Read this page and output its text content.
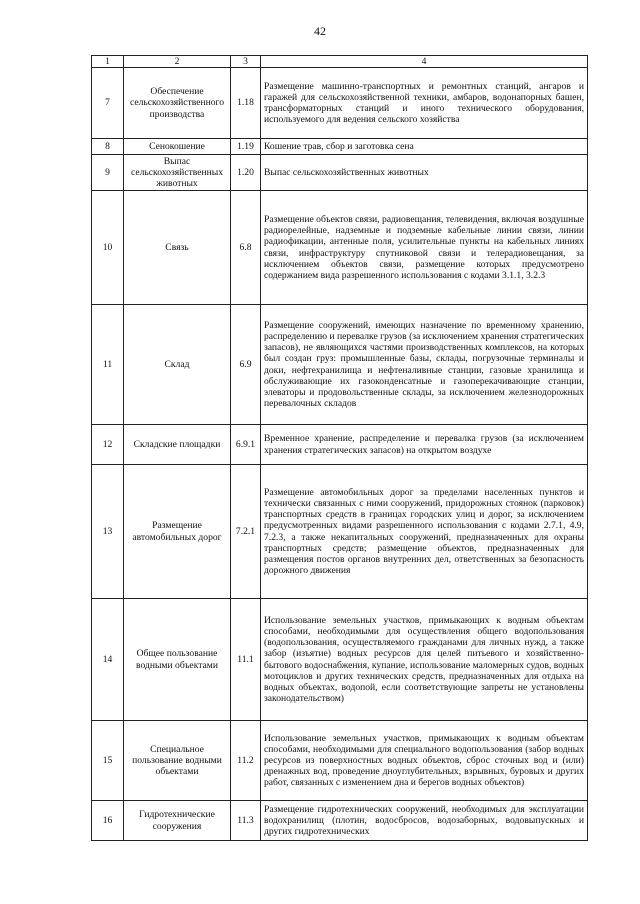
42
1	2	3	4
7	Обеспечение сельскохозяйственного производства	1.18	Размещение машинно-транспортных и ремонтных станций, ангаров и гаражей для сельскохозяйственной техники, амбаров, водонапорных башен, трансформаторных станций и иного технического оборудования, используемого для ведения сельского хозяйства
8	Сенокошение	1.19	Кошение трав, сбор и заготовка сена
9	Выпас сельскохозяйственных животных	1.20	Выпас сельскохозяйственных животных
10	Связь	6.8	Размещение объектов связи, радиовещания, телевидения, включая воздушные радиорелейные, надземные и подземные кабельные линии связи, линии радиофикации, антенные поля, усилительные пункты на кабельных линиях связи, инфраструктуру спутниковой связи и телерадиовещания, за исключением объектов связи, размещение которых предусмотрено содержанием вида разрешенного использования с кодами 3.1.1, 3.2.3
11	Склад	6.9	Размещение сооружений, имеющих назначение по временному хранению, распределению и перевалке грузов (за исключением хранения стратегических запасов), не являющихся частями производственных комплексов, на которых был создан груз: промышленные базы, склады, погрузочные терминалы и доки, нефтехранилища и нефтеналивные станции, газовые хранилища и обслуживающие их газоконденсатные и газоперекачивающие станции, элеваторы и продовольственные склады, за исключением железнодорожных перевалочных складов
12	Складские площадки	6.9.1	Временное хранение, распределение и перевалка грузов (за исключением хранения стратегических запасов) на открытом воздухе
13	Размещение автомобильных дорог	7.2.1	Размещение автомобильных дорог за пределами населенных пунктов и технически связанных с ними сооружений, придорожных стоянок (парковок) транспортных средств в границах городских улиц и дорог, за исключением предусмотренных видами разрешенного использования с кодами 2.7.1, 4.9, 7.2.3, а также некапитальных сооружений, предназначенных для охраны транспортных средств; размещение объектов, предназначенных для размещения постов органов внутренних дел, ответственных за безопасность дорожного движения
14	Общее пользование водными объектами	11.1	Использование земельных участков, примыкающих к водным объектам способами, необходимыми для осуществления общего водопользования (водопользования, осуществляемого гражданами для личных нужд, а также забор (изъятие) водных ресурсов для целей питьевого и хозяйственно-бытового водоснабжения, купание, использование маломерных судов, водных мотоциклов и других технических средств, предназначенных для отдыха на водных объектах, водопой, если соответствующие запреты не установлены законодательством)
15	Специальное пользование водными объектами	11.2	Использование земельных участков, примыкающих к водным объектам способами, необходимыми для специального водопользования (забор водных ресурсов из поверхностных водных объектов, сброс сточных вод и (или) дренажных вод, проведение дноуглубительных, взрывных, буровых и других работ, связанных с изменением дна и берегов водных объектов)
16	Гидротехнические сооружения	11.3	Размещение гидротехнических сооружений, необходимых для эксплуатации водохранилищ (плотин, водосбросов, водозаборных, водовыпускных и других гидротехнических
